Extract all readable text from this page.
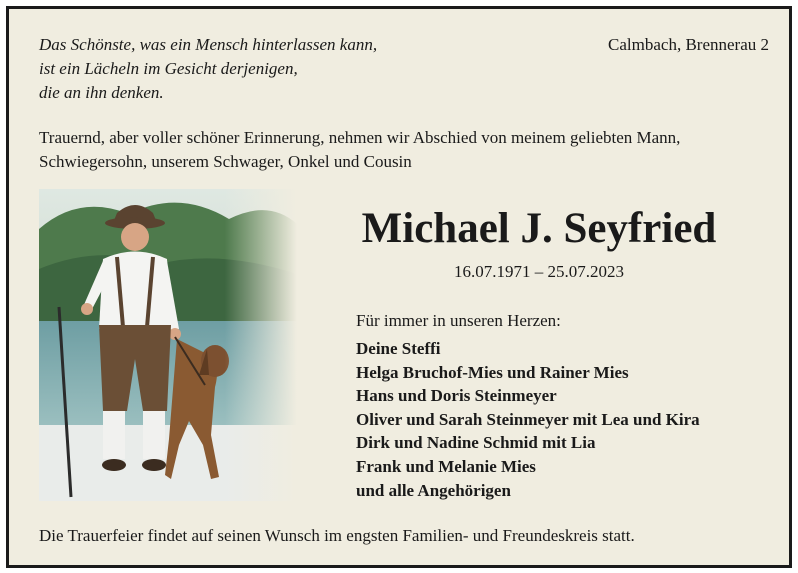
Das Schönste, was ein Mensch hinterlassen kann,
ist ein Lächeln im Gesicht derjenigen,
die an ihn denken.
Calmbach, Brennerau 2
Trauernd, aber voller schöner Erinnerung, nehmen wir Abschied von meinem geliebten Mann,
Schwiegersohn, unserem Schwager, Onkel und Cousin
Michael J. Seyfried
16.07.1971 – 25.07.2023
Für immer in unseren Herzen:
Deine Steffi
Helga Bruchof-Mies und Rainer Mies
Hans und Doris Steinmeyer
Oliver und Sarah Steinmeyer mit Lea und Kira
Dirk und Nadine Schmid mit Lia
Frank und Melanie Mies
und alle Angehörigen
Die Trauerfeier findet auf seinen Wunsch im engsten Familien- und Freundeskreis statt.
